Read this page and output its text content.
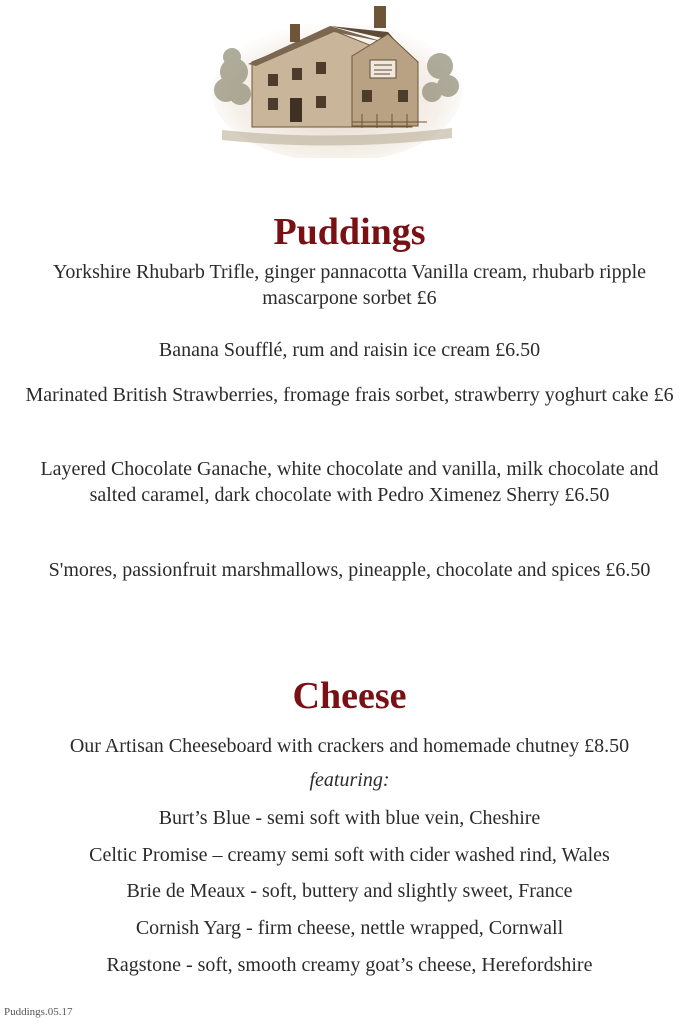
Puddings
Yorkshire Rhubarb Trifle, ginger pannacotta Vanilla cream, rhubarb ripple mascarpone sorbet £6
Banana Soufflé, rum and raisin ice cream £6.50
Marinated British Strawberries, fromage frais sorbet, strawberry yoghurt cake £6
Layered Chocolate Ganache, white chocolate and vanilla, milk chocolate and salted caramel, dark chocolate with Pedro Ximenez Sherry £6.50
S'mores, passionfruit marshmallows, pineapple, chocolate and spices £6.50
Cheese
Our Artisan Cheeseboard with crackers and homemade chutney £8.50
featuring:
Burt’s Blue - semi soft with blue vein, Cheshire
Celtic Promise – creamy semi soft with cider washed rind, Wales
Brie de Meaux - soft, buttery and slightly sweet, France
Cornish Yarg - firm cheese, nettle wrapped, Cornwall
Ragstone - soft, smooth creamy goat’s cheese, Herefordshire
Puddings.05.17
